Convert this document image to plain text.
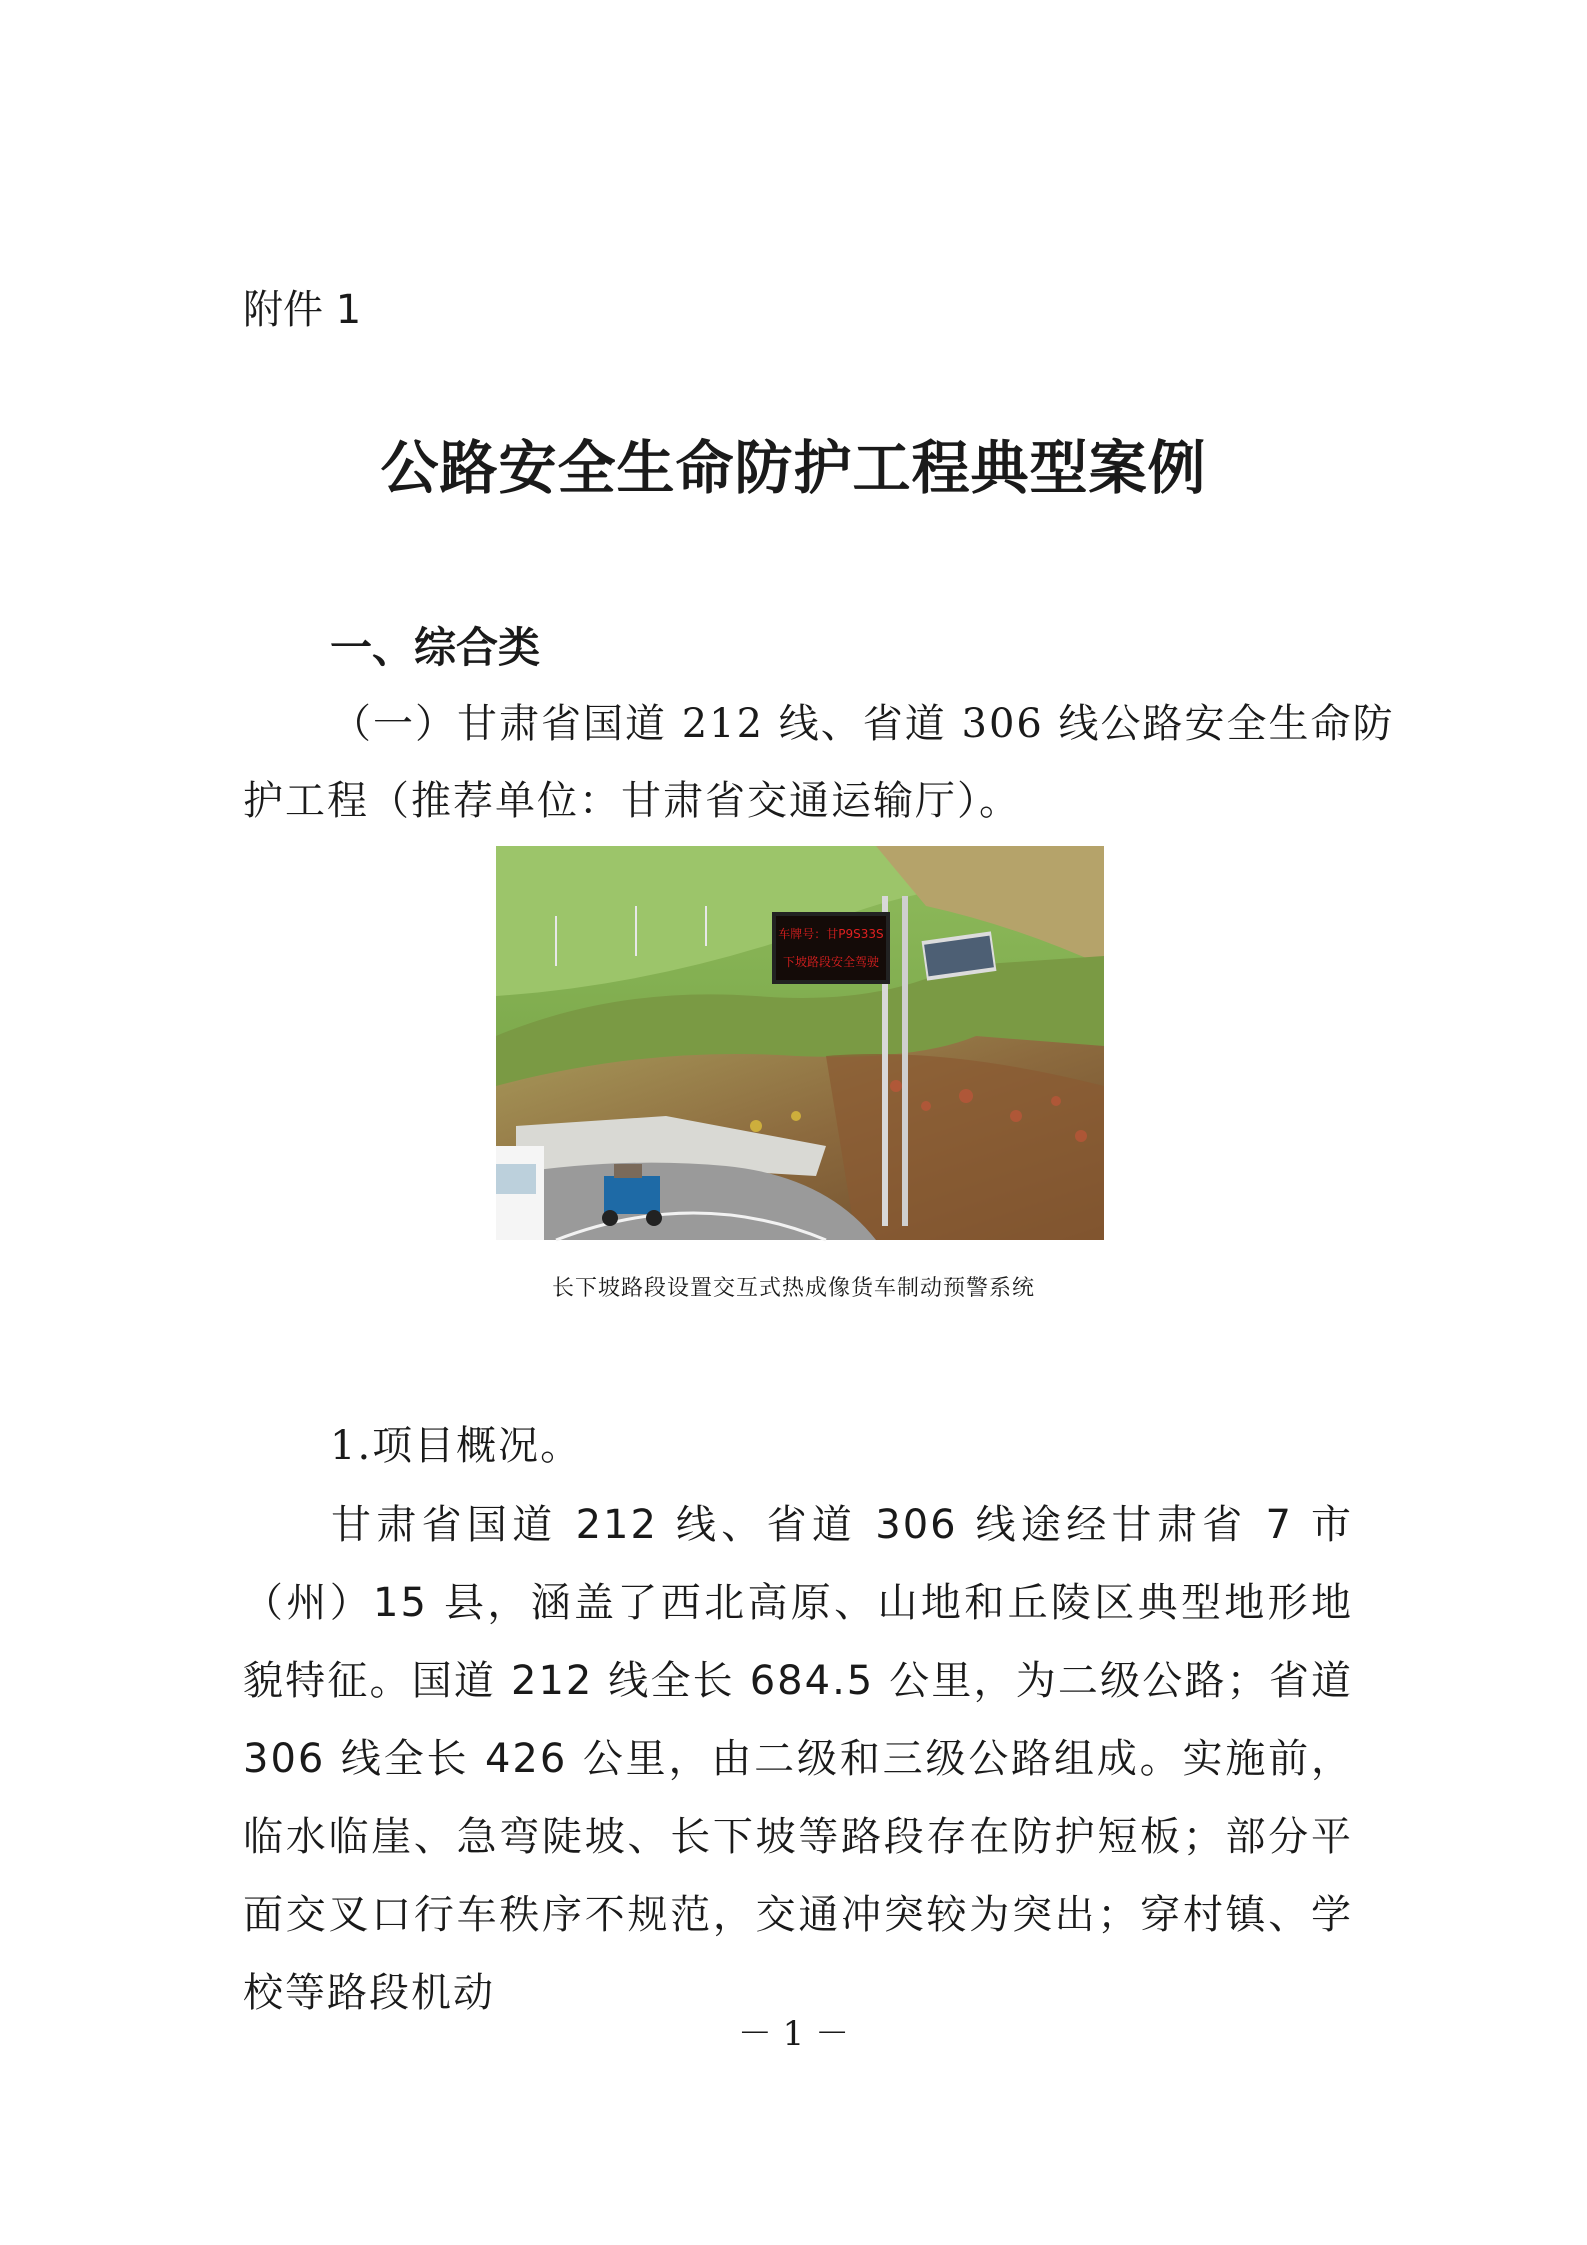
附件 1
公路安全生命防护工程典型案例
一、综合类
（一）甘肃省国道 212 线、省道 306 线公路安全生命防
护工程（推荐单位：甘肃省交通运输厅）。
车牌号：甘P9S33S
下坡路段安全驾驶
长下坡路段设置交互式热成像货车制动预警系统
1.项目概况。
甘肃省国道 212 线、省道 306 线途经甘肃省 7 市（州）15 县，涵盖了西北高原、山地和丘陵区典型地形地貌特征。国道 212 线全长 684.5 公里，为二级公路；省道 306 线全长 426 公里，由二级和三级公路组成。实施前，临水临崖、急弯陡坡、长下坡等路段存在防护短板；部分平面交叉口行车秩序不规范，交通冲突较为突出；穿村镇、学校等路段机动
－ 1 －
